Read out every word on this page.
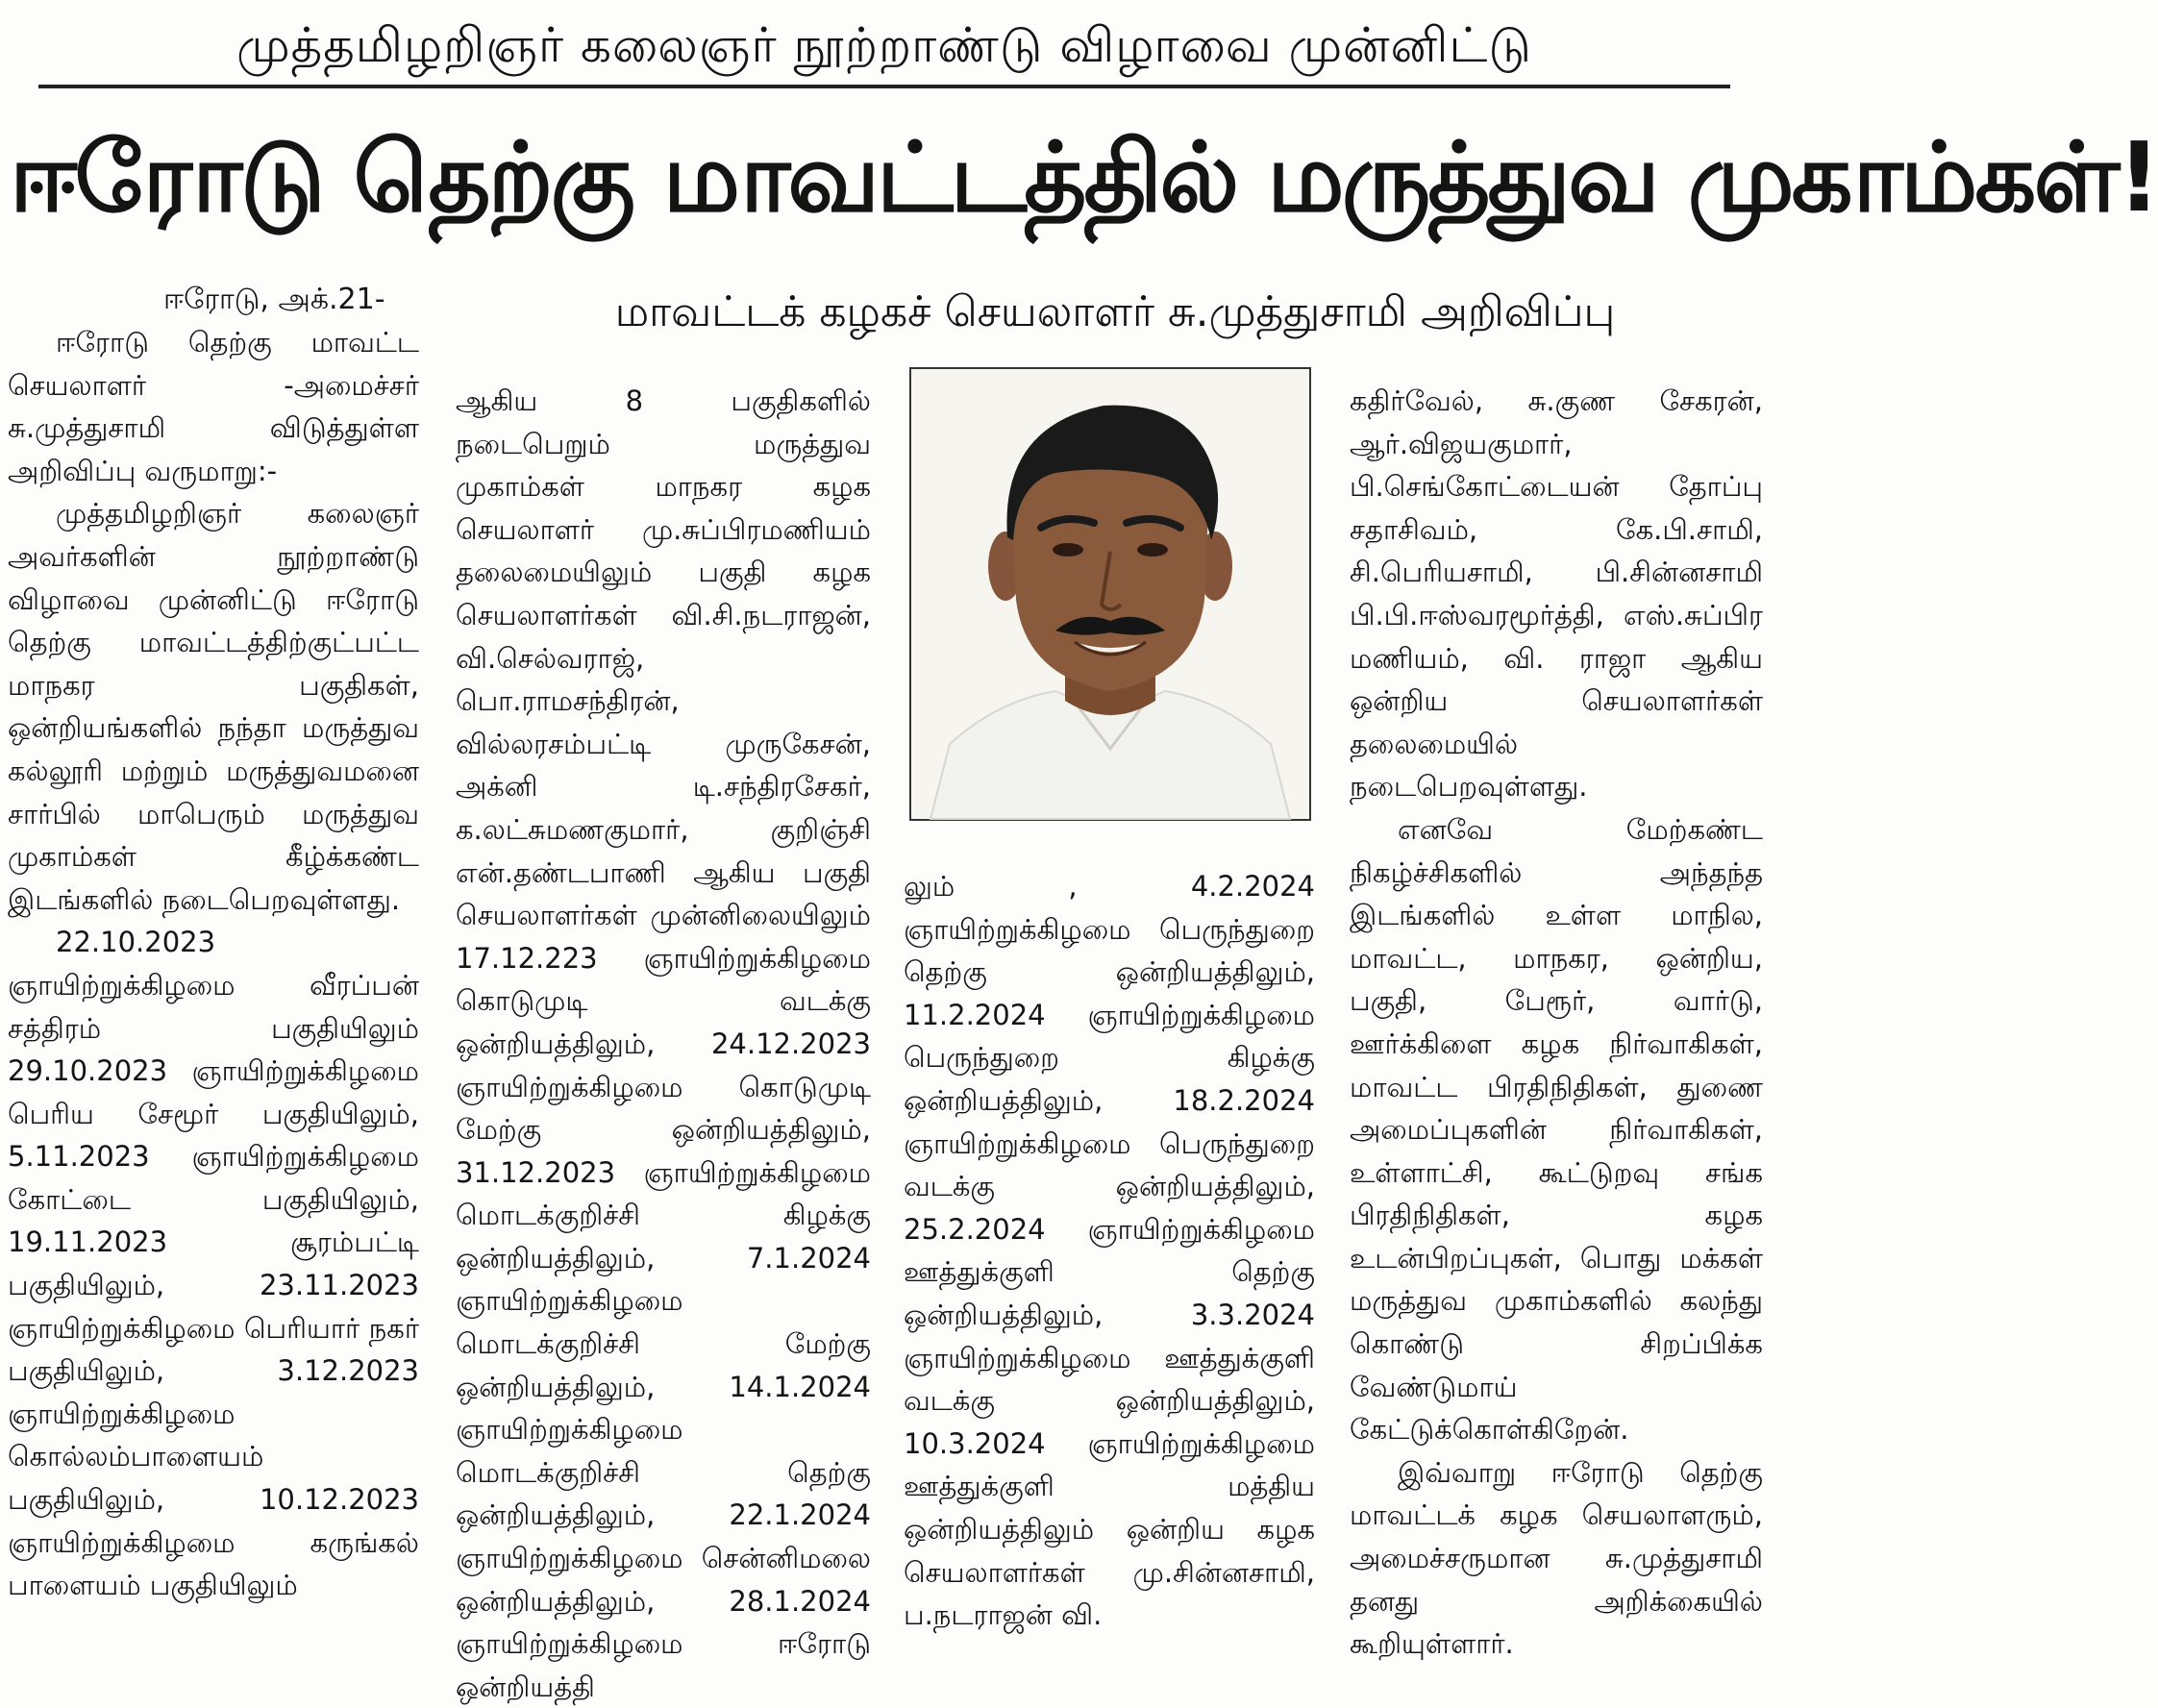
முத்தமிழறிஞர் கலைஞர் நூற்றாண்டு விழாவை முன்னிட்டு
ஈரோடு தெற்கு மாவட்டத்தில் மருத்துவ முகாம்கள்!
ஈரோடு, அக்.21-	மாவட்டக் கழகச் செயலாளர் சு.முத்துசாமி அறிவிப்பு

ஈரோடு தெற்கு மாவட்ட செயலாளர் -அமைச்சர் சு.முத்துசாமி விடுத்துள்ள அறிவிப்பு வருமாறு:-

முத்தமிழறிஞர் கலைஞர் அவர்களின் நூற்றாண்டு விழாவை முன்னிட்டு ஈரோடு தெற்கு மாவட்டத்திற்குட்பட்ட மாநகர பகுதிகள், ஒன்றியங்களில் நந்தா மருத்துவ கல்லூரி மற்றும் மருத்துவமனை சார்பில் மாபெரும் மருத்துவ முகாம்கள் கீழ்க்கண்ட இடங்களில் நடைபெறவுள்ளது.

22.10.2023 ஞாயிற்றுக்கிழமை வீரப்பன் சத்திரம் பகுதியிலும் 29.10.2023 ஞாயிற்றுக்கிழமை பெரிய சேமூர் பகுதியிலும், 5.11.2023 ஞாயிற்றுக்கிழமை கோட்டை பகுதியிலும், 19.11.2023 சூரம்பட்டி பகுதியிலும், 23.11.2023 ஞாயிற்றுக்கிழமை பெரியார் நகர் பகுதியிலும், 3.12.2023 ஞாயிற்றுக்கிழமை கொல்லம்பாளையம் பகுதியிலும், 10.12.2023 ஞாயிற்றுக்கிழமை கருங்கல் பாளையம் பகுதியிலும்

ஆகிய 8 பகுதிகளில் நடைபெறும் மருத்துவ முகாம்கள் மாநகர கழக செயலாளர் மு.சுப்பிரமணியம் தலைமையிலும் பகுதி கழக செயலாளர்கள் வி.சி.நடராஜன், வி.செல்வராஜ், பொ.ராமசந்திரன், வில்லரசம்பட்டி முருகேசன், அக்னி டி.சந்திரசேகர், க.லட்சுமணகுமார், குறிஞ்சி என்.தண்டபாணி ஆகிய பகுதி செயலாளர்கள் முன்னிலையிலும் 17.12.223 ஞாயிற்றுக்கிழமை கொடுமுடி வடக்கு ஒன்றியத்திலும், 24.12.2023 ஞாயிற்றுக்கிழமை கொடுமுடி மேற்கு ஒன்றியத்திலும், 31.12.2023 ஞாயிற்றுக்கிழமை மொடக்குறிச்சி கிழக்கு ஒன்றியத்திலும், 7.1.2024 ஞாயிற்றுக்கிழமை மொடக்குறிச்சி மேற்கு ஒன்றியத்திலும், 14.1.2024 ஞாயிற்றுக்கிழமை மொடக்குறிச்சி தெற்கு ஒன்றியத்திலும், 22.1.2024 ஞாயிற்றுக்கிழமை சென்னிமலை ஒன்றியத்திலும், 28.1.2024 ஞாயிற்றுக்கிழமை ஈரோடு ஒன்றியத்தி

லும் , 4.2.2024 ஞாயிற்றுக்கிழமை பெருந்துறை தெற்கு ஒன்றியத்திலும், 11.2.2024 ஞாயிற்றுக்கிழமை பெருந்துறை கிழக்கு ஒன்றியத்திலும், 18.2.2024 ஞாயிற்றுக்கிழமை பெருந்துறை வடக்கு ஒன்றியத்திலும், 25.2.2024 ஞாயிற்றுக்கிழமை ஊத்துக்குளி தெற்கு ஒன்றியத்திலும், 3.3.2024 ஞாயிற்றுக்கிழமை ஊத்துக்குளி வடக்கு ஒன்றியத்திலும், 10.3.2024 ஞாயிற்றுக்கிழமை ஊத்துக்குளி மத்திய ஒன்றியத்திலும் ஒன்றிய கழக செயலாளர்கள் மு.சின்னசாமி, ப.நடராஜன் வி.

கதிர்வேல், சு.குண சேகரன், ஆர்.விஜயகுமார், பி.செங்கோட்டையன் தோப்பு சதாசிவம், கே.பி.சாமி, சி.பெரியசாமி, பி.சின்னசாமி பி.பி.ஈஸ்வரமூர்த்தி, எஸ்.சுப்பிர மணியம், வி. ராஜா ஆகிய ஒன்றிய செயலாளர்கள் தலைமையில் நடைபெறவுள்ளது.

எனவே மேற்கண்ட நிகழ்ச்சிகளில் அந்தந்த இடங்களில் உள்ள மாநில, மாவட்ட, மாநகர, ஒன்றிய, பகுதி, பேரூர், வார்டு, ஊர்க்கிளை கழக நிர்வாகிகள், மாவட்ட பிரதிநிதிகள், துணை அமைப்புகளின் நிர்வாகிகள், உள்ளாட்சி, கூட்டுறவு சங்க பிரதிநிதிகள், கழக உடன்பிறப்புகள், பொது மக்கள் மருத்துவ முகாம்களில் கலந்து கொண்டு சிறப்பிக்க வேண்டுமாய் கேட்டுக்கொள்கிறேன்.

இவ்வாறு ஈரோடு தெற்கு மாவட்டக் கழக செயலாளரும், அமைச்சருமான சு.முத்துசாமி தனது அறிக்கையில் கூறியுள்ளார்.
